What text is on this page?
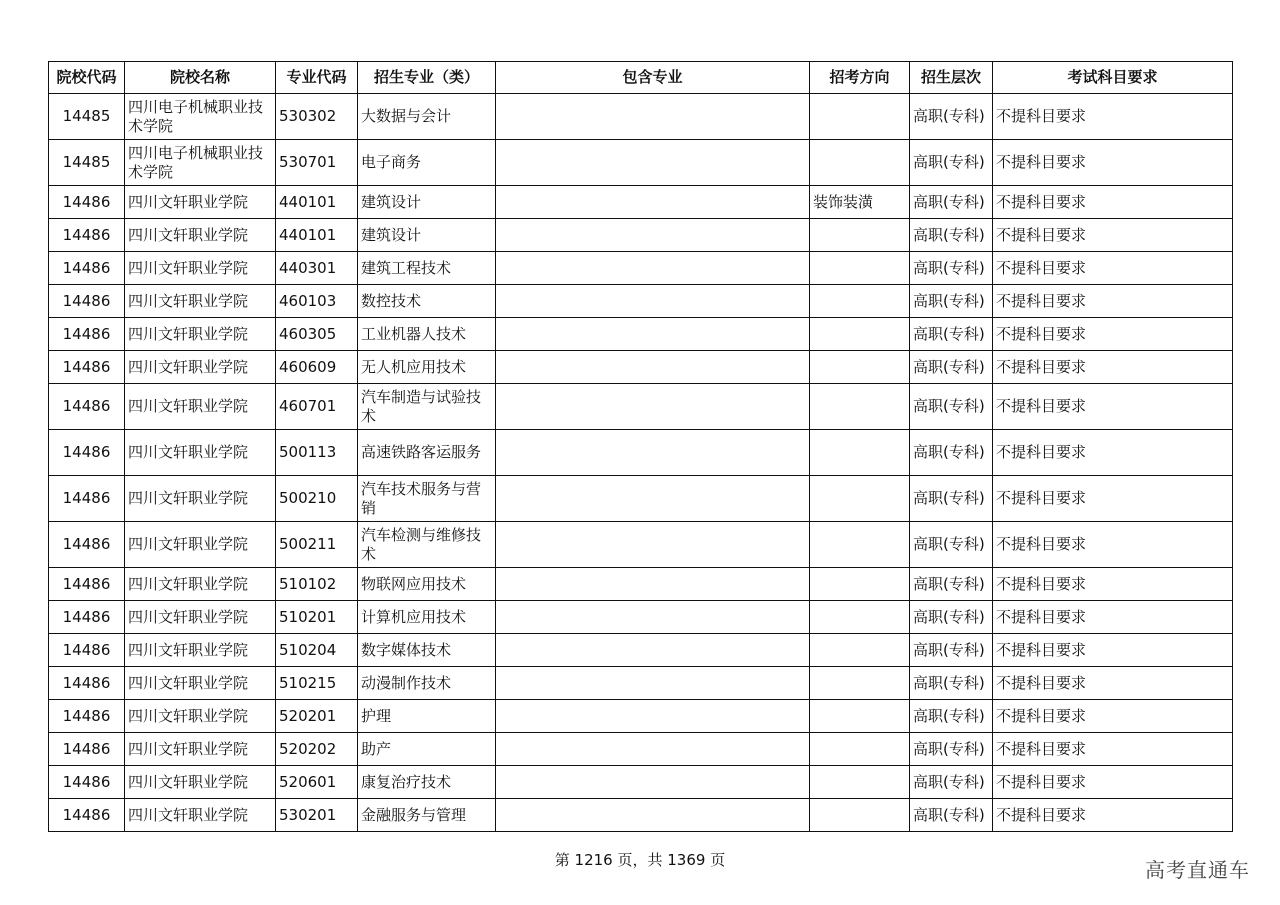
院校代码	院校名称	专业代码	招生专业（类）	包含专业	招考方向	招生层次	考试科目要求
14485	四川电子机械职业技术学院	530302	大数据与会计			高职(专科)	不提科目要求
14485	四川电子机械职业技术学院	530701	电子商务			高职(专科)	不提科目要求
14486	四川文轩职业学院	440101	建筑设计		装饰装潢	高职(专科)	不提科目要求
14486	四川文轩职业学院	440101	建筑设计			高职(专科)	不提科目要求
14486	四川文轩职业学院	440301	建筑工程技术			高职(专科)	不提科目要求
14486	四川文轩职业学院	460103	数控技术			高职(专科)	不提科目要求
14486	四川文轩职业学院	460305	工业机器人技术			高职(专科)	不提科目要求
14486	四川文轩职业学院	460609	无人机应用技术			高职(专科)	不提科目要求
14486	四川文轩职业学院	460701	汽车制造与试验技术			高职(专科)	不提科目要求
14486	四川文轩职业学院	500113	高速铁路客运服务			高职(专科)	不提科目要求
14486	四川文轩职业学院	500210	汽车技术服务与营销			高职(专科)	不提科目要求
14486	四川文轩职业学院	500211	汽车检测与维修技术			高职(专科)	不提科目要求
14486	四川文轩职业学院	510102	物联网应用技术			高职(专科)	不提科目要求
14486	四川文轩职业学院	510201	计算机应用技术			高职(专科)	不提科目要求
14486	四川文轩职业学院	510204	数字媒体技术			高职(专科)	不提科目要求
14486	四川文轩职业学院	510215	动漫制作技术			高职(专科)	不提科目要求
14486	四川文轩职业学院	520201	护理			高职(专科)	不提科目要求
14486	四川文轩职业学院	520202	助产			高职(专科)	不提科目要求
14486	四川文轩职业学院	520601	康复治疗技术			高职(专科)	不提科目要求
14486	四川文轩职业学院	530201	金融服务与管理			高职(专科)	不提科目要求
第 1216 页，共 1369 页	高考直通车
